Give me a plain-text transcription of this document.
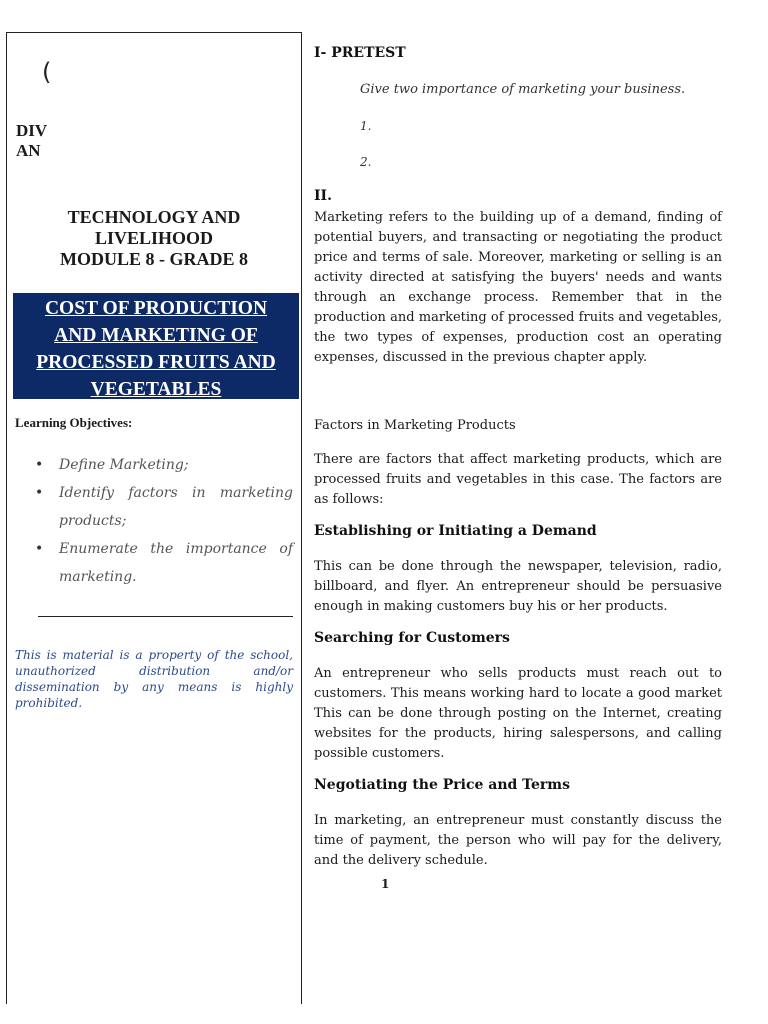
(
DIV
AN
TECHNOLOGY AND
LIVELIHOOD
MODULE 8 - GRADE 8
COST OF PRODUCTION
AND MARKETING OF
PROCESSED FRUITS AND
VEGETABLES
Learning Objectives:
• Define Marketing;
• Identify factors in marketing products;
• Enumerate the importance of marketing.

This is material is a property of the school, unauthorized distribution and/or dissemination by any means is highly prohibited.

I- PRETEST
Give two importance of marketing your business.
1.
2.
II.

Marketing refers to the building up of a demand, finding of potential buyers, and transacting or negotiating the product price and terms of sale. Moreover, marketing or selling is an activity directed at satisfying the buyers' needs and wants through an exchange process. Remember that in the production and marketing of processed fruits and vegetables, the two types of expenses, production cost an operating expenses, discussed in the previous chapter apply.

Factors in Marketing Products

There are factors that affect marketing products, which are processed fruits and vegetables in this case. The factors are as follows:

Establishing or Initiating a Demand

This can be done through the newspaper, television, radio, billboard, and flyer. An entrepreneur should be persuasive enough in making customers buy his or her products.

Searching for Customers

An entrepreneur who sells products must reach out to customers. This means working hard to locate a good market This can be done through posting on the Internet, creating websites for the products, hiring salespersons, and calling possible customers.

Negotiating the Price and Terms

In marketing, an entrepreneur must constantly discuss the time of payment, the person who will pay for the delivery, and the delivery schedule.

1
